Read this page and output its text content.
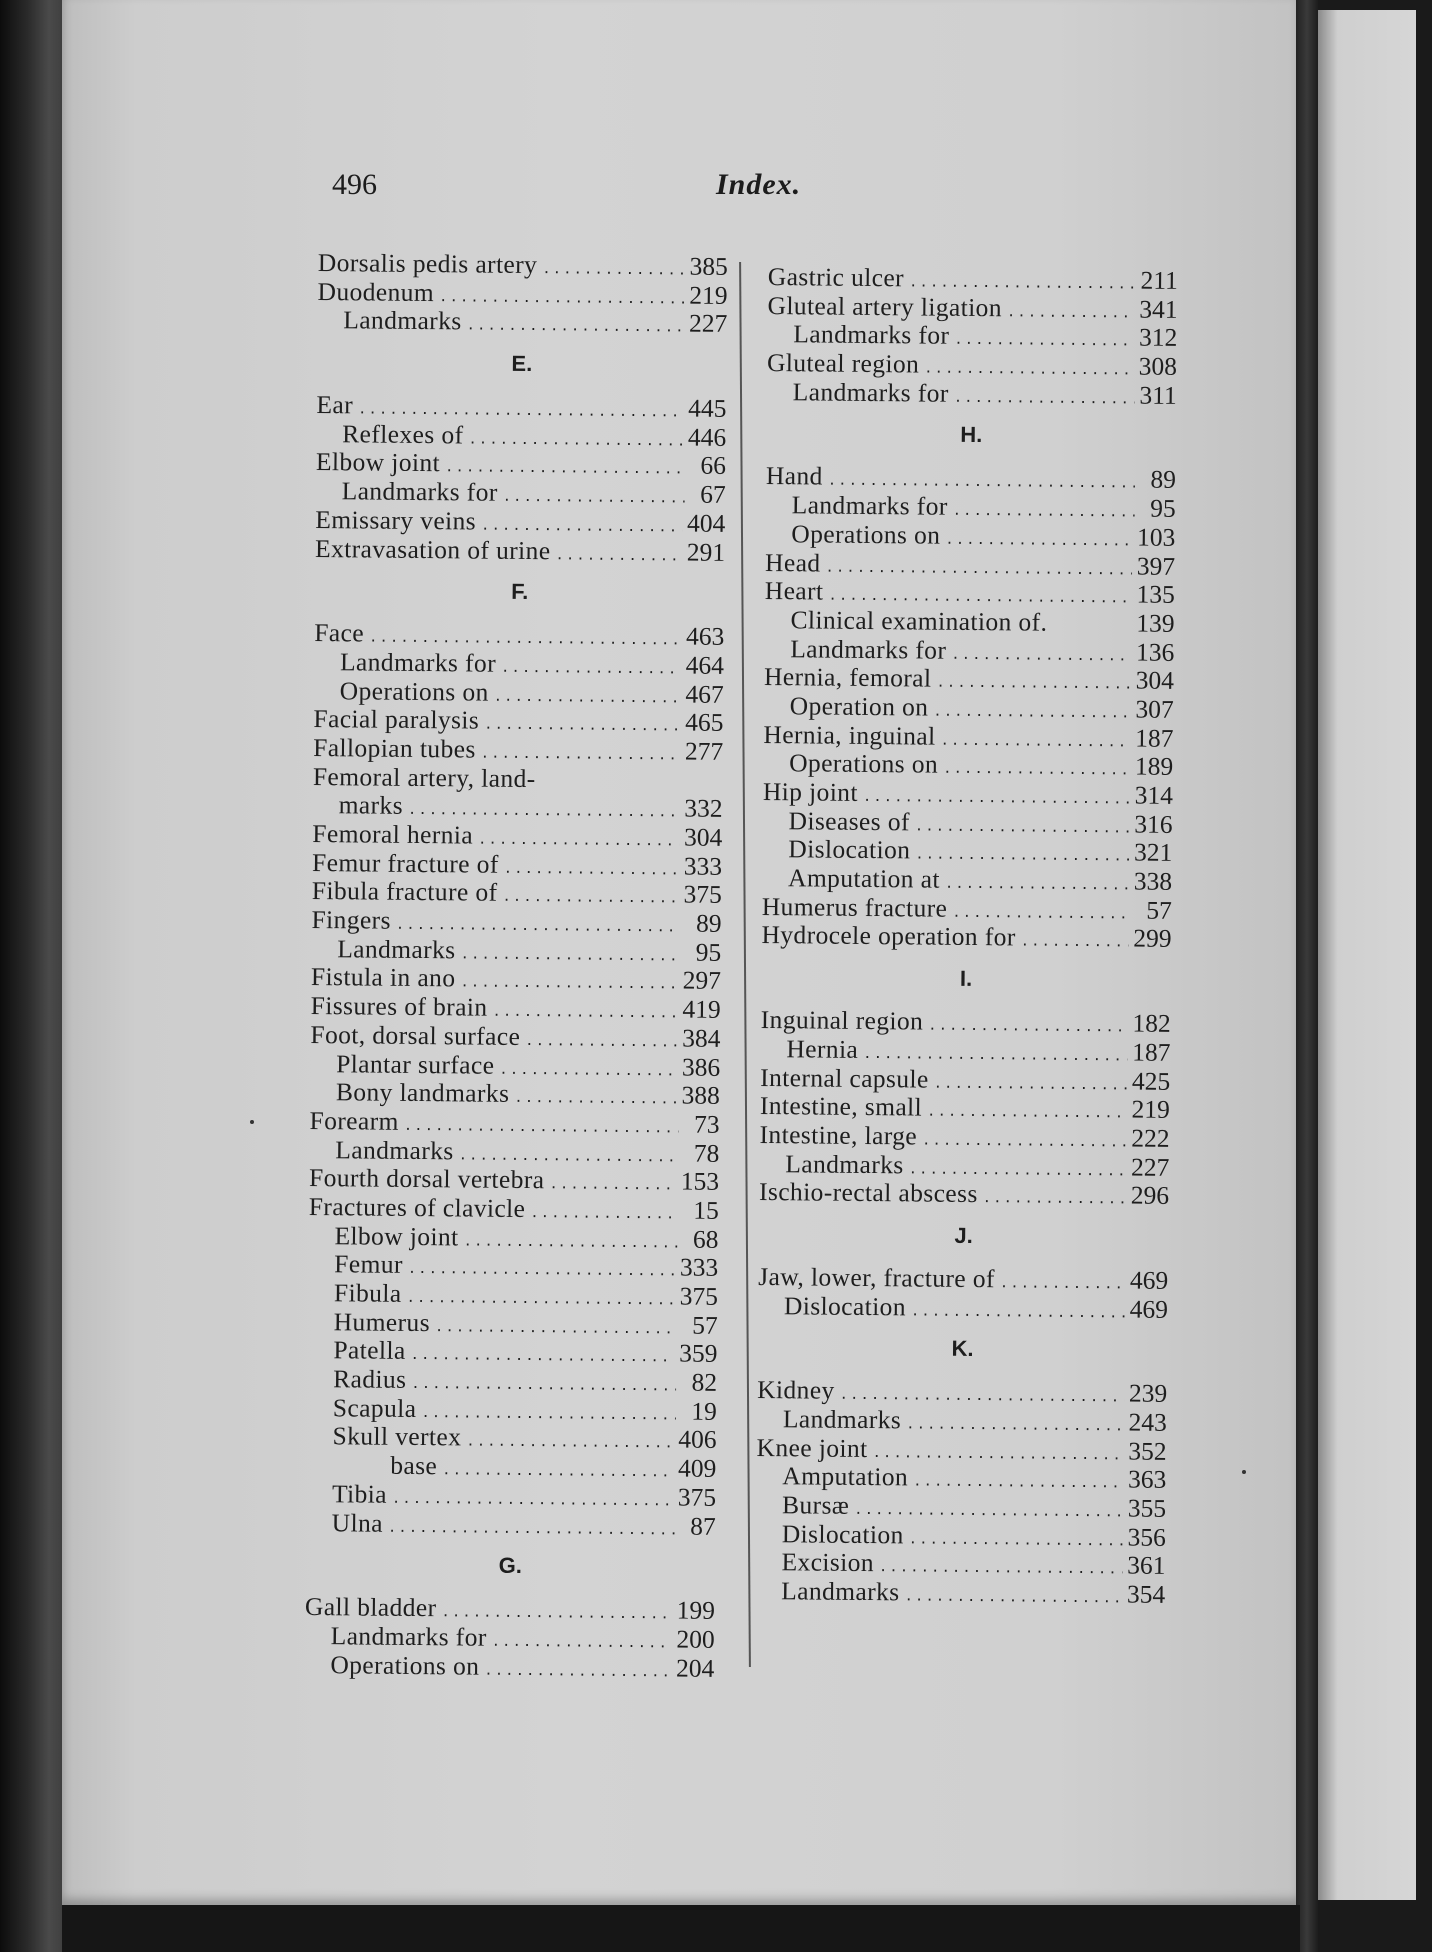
496	Index.
Dorsalis pedis artery .....	385
Duodenum .....	219
Landmarks .....	227
E.
Ear .....	445
Reflexes of .....	446
Elbow joint .....	66
Landmarks for .....	67
Emissary veins .....	404
Extravasation of urine .....	291
F.
Face .....	463
Landmarks for .....	464
Operations on .....	467
Facial paralysis .....	465
Fallopian tubes .....	277
Femoral artery, land-
marks .....	332
Femoral hernia .....	304
Femur fracture of .....	333
Fibula fracture of .....	375
Fingers .....	89
Landmarks .....	95
Fistula in ano .....	297
Fissures of brain .....	419
Foot, dorsal surface .....	384
Plantar surface .....	386
Bony landmarks .....	388
Forearm .....	73
Landmarks .....	78
Fourth dorsal vertebra .....	153
Fractures of clavicle .....	15
Elbow joint .....	68
Femur .....	333
Fibula .....	375
Humerus .....	57
Patella .....	359
Radius .....	82
Scapula .....	19
Skull vertex .....	406
base .....	409
Tibia .....	375
Ulna .....	87
G.
Gall bladder .....	199
Landmarks for .....	200
Operations on .....	204
Gastric ulcer .....	211
Gluteal artery ligation .....	341
Landmarks for .....	312
Gluteal region .....	308
Landmarks for .....	311
H.
Hand .....	89
Landmarks for .....	95
Operations on .....	103
Head .....	397
Heart .....	135
Clinical examination of.	139
Landmarks for .....	136
Hernia, femoral .....	304
Operation on .....	307
Hernia, inguinal .....	187
Operations on .....	189
Hip joint .....	314
Diseases of .....	316
Dislocation .....	321
Amputation at .....	338
Humerus fracture .....	57
Hydrocele operation for .....	299
I.
Inguinal region .....	182
Hernia .....	187
Internal capsule .....	425
Intestine, small .....	219
Intestine, large .....	222
Landmarks .....	227
Ischio-rectal abscess .....	296
J.
Jaw, lower, fracture of .....	469
Dislocation .....	469
K.
Kidney .....	239
Landmarks .....	243
Knee joint .....	352
Amputation .....	363
Bursæ .....	355
Dislocation .....	356
Excision .....	361
Landmarks .....	354
